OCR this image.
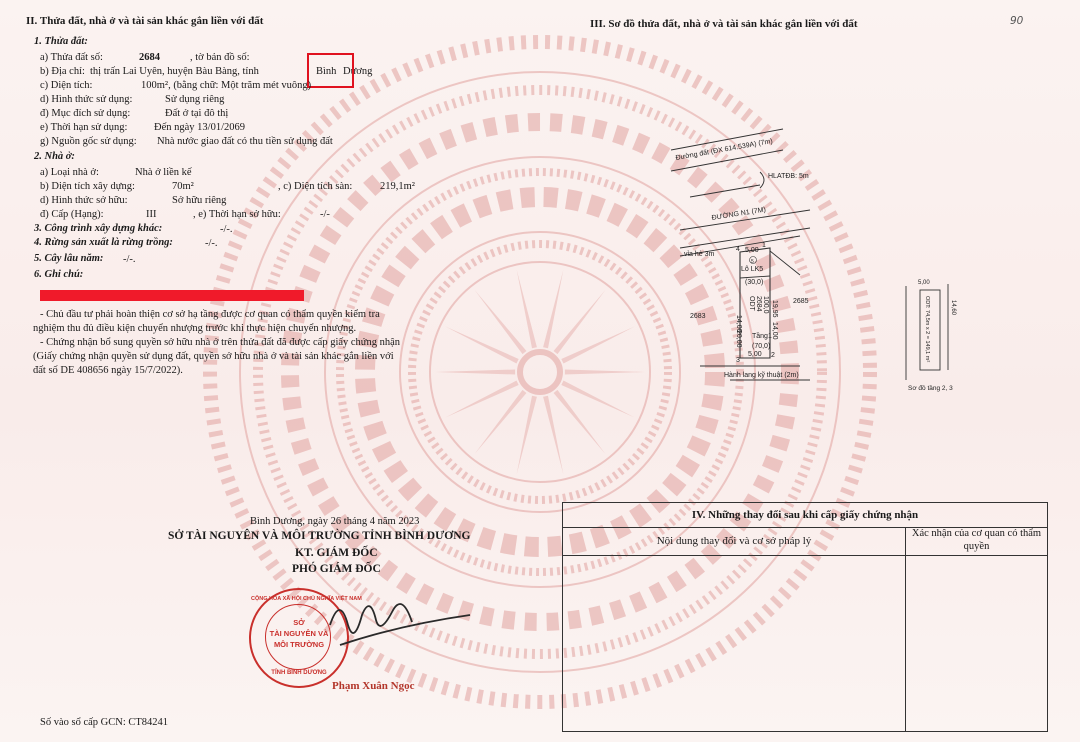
II. Thửa đất, nhà ở và tài sản khác gắn liền với đất
1. Thửa đất:
a) Thửa đất số:	2684	, tờ bản đồ số:
b) Địa chỉ: thị trấn Lai Uyên, huyện Bàu Bàng, tỉnh	Bình Dương
c) Diện tích:	100m², (bằng chữ: Một trăm mét vuông)
d) Hình thức sử dụng:	Sử dụng riêng
đ) Mục đích sử dụng:	Đất ở tại đô thị
e) Thời hạn sử dụng:	Đến ngày 13/01/2069
g) Nguồn gốc sử dụng: Nhà nước giao đất có thu tiền sử dụng đất
2. Nhà ở:
a) Loại nhà ở:	Nhà ở liền kế
b) Diện tích xây dựng:	70m²	, c) Diện tích sàn:	219,1m²
d) Hình thức sở hữu:	Sở hữu riêng
đ) Cấp (Hạng):	III	, e) Thời hạn sở hữu:	-/-
3. Công trình xây dựng khác:	-/-.
4. Rừng sản xuất là rừng trồng:	-/-.
5. Cây lâu năm: -/-.
6. Ghi chú:
- Chủ đầu tư phải hoàn thiện cơ sở hạ tầng được cơ quan có thẩm quyền kiểm tra
nghiệm thu đủ điều kiện chuyển nhượng trước khi thực hiện chuyển nhượng.
- Chứng nhận bổ sung quyền sở hữu nhà ở trên thửa đất đã được cấp giấy chứng nhận
(Giấy chứng nhận quyền sử dụng đất, quyền sở hữu nhà ở và tài sản khác gắn liền với
đất số DE 408656 ngày 15/7/2022).
III. Sơ đồ thửa đất, nhà ở và tài sản khác gắn liền với đất	90
Đường đất (ĐX 614.539A) (7m)
HLATĐB: 5m
ĐƯỜNG N1 (7M)
vỉa hè 3m
4
1
2
3
5,00
5,00
5
Lô LK5
(30,0)
20,00
14,00
19,95
14,00
ODT 2684 100,0
Tầng1
(70,0)
2683
2685
Hành lang kỹ thuật (2m)
5,00
14,60
ODT: 74,5m x 2 = 149,1 m²
Sơ đồ tầng 2, 3
Bình Dương, ngày 26 tháng 4 năm 2023
SỞ TÀI NGUYÊN VÀ MÔI TRƯỜNG TỈNH BÌNH DƯƠNG
KT. GIÁM ĐỐC
PHÓ GIÁM ĐỐC
CỘNG HÒA XÃ HỘI CHỦ NGHĨA VIỆT NAM
SỞ
TÀI NGUYÊN VÀ
MÔI TRƯỜNG
TỈNH BÌNH DƯƠNG
Phạm Xuân Ngọc
Số vào sổ cấp GCN: CT84241
IV. Những thay đổi sau khi cấp giấy chứng nhận
Nội dung thay đổi và cơ sở pháp lý
Xác nhận của cơ quan có thẩm quyền
